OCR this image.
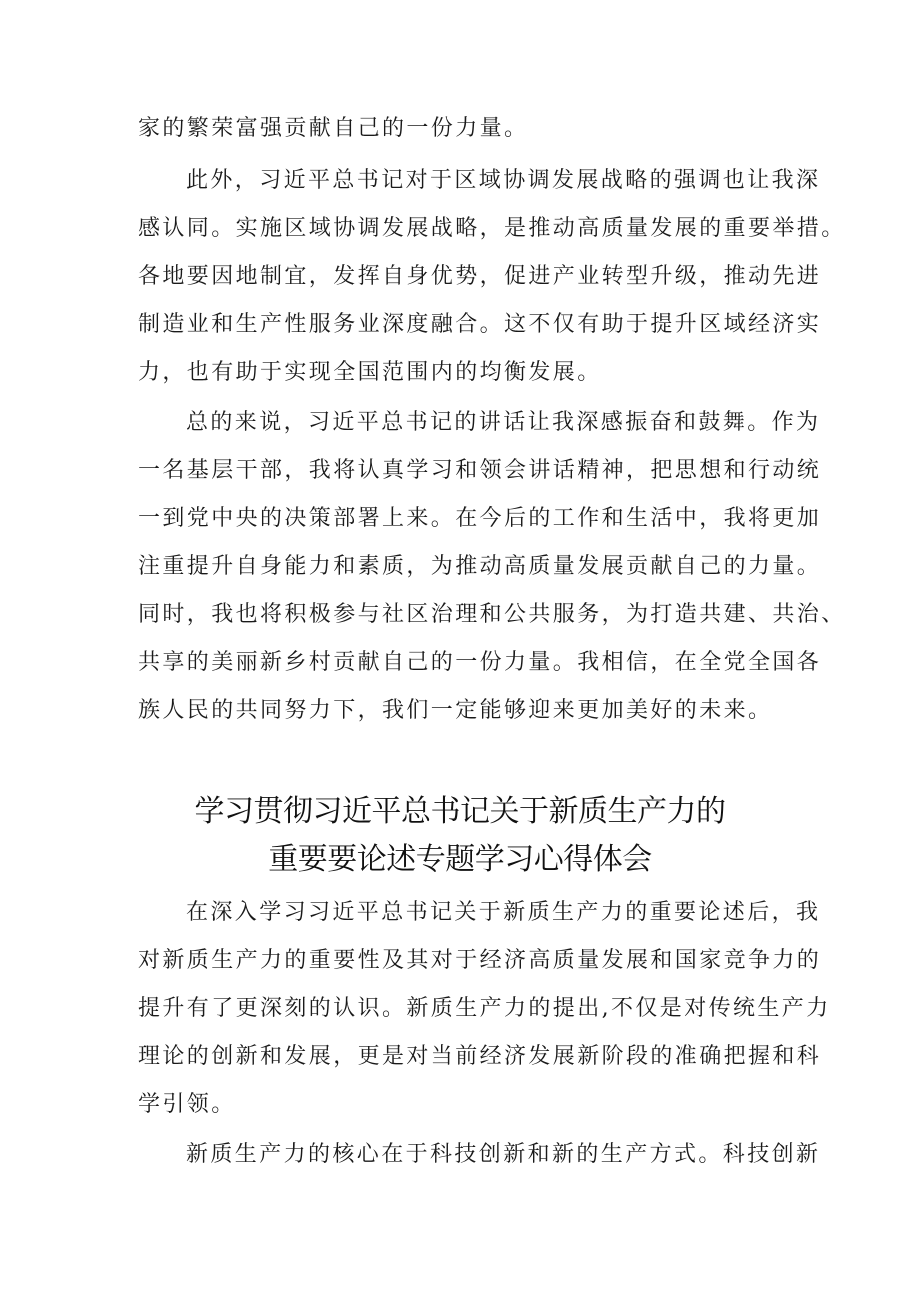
家的繁荣富强贡献自己的一份力量。

此外，习近平总书记对于区域协调发展战略的强调也让我深

感认同。实施区域协调发展战略，是推动高质量发展的重要举措。

各地要因地制宜，发挥自身优势，促进产业转型升级，推动先进

制造业和生产性服务业深度融合。这不仅有助于提升区域经济实

力，也有助于实现全国范围内的均衡发展。

总的来说，习近平总书记的讲话让我深感振奋和鼓舞。作为

一名基层干部，我将认真学习和领会讲话精神，把思想和行动统

一到党中央的决策部署上来。在今后的工作和生活中，我将更加

注重提升自身能力和素质，为推动高质量发展贡献自己的力量。

同时，我也将积极参与社区治理和公共服务，为打造共建、共治、

共享的美丽新乡村贡献自己的一份力量。我相信，在全党全国各

族人民的共同努力下，我们一定能够迎来更加美好的未来。

学习贯彻习近平总书记关于新质生产力的

重要要论述专题学习心得体会

在深入学习习近平总书记关于新质生产力的重要论述后，我

对新质生产力的重要性及其对于经济高质量发展和国家竞争力的

提升有了更深刻的认识。新质生产力的提出,不仅是对传统生产力

理论的创新和发展，更是对当前经济发展新阶段的准确把握和科

学引领。

新质生产力的核心在于科技创新和新的生产方式。科技创新
